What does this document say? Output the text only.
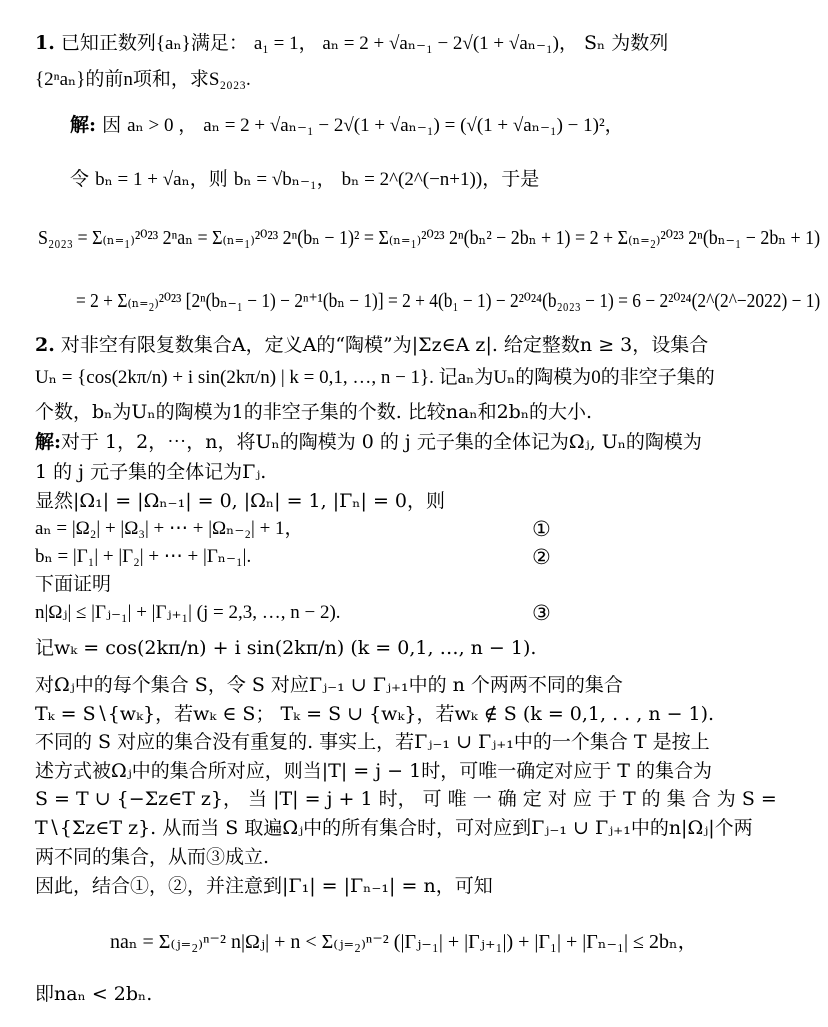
1. 已知正数列{aₙ}满足： a₁ = 1， aₙ = 2 + √aₙ₋₁ − 2√(1 + √aₙ₋₁)， Sₙ 为数列
{2ⁿaₙ}的前n项和，求S₂₀₂₃.
解: 因 aₙ > 0 ， aₙ = 2 + √aₙ₋₁ − 2√(1 + √aₙ₋₁) = (√(1 + √aₙ₋₁) − 1)²，
令 bₙ = 1 + √aₙ，则 bₙ = √bₙ₋₁， bₙ = 2^(2^(−n+1))，于是
S₂₀₂₃ = Σ₍ₙ₌₁₎²⁰²³ 2ⁿaₙ = Σ₍ₙ₌₁₎²⁰²³ 2ⁿ(bₙ − 1)² = Σ₍ₙ₌₁₎²⁰²³ 2ⁿ(bₙ² − 2bₙ + 1) = 2 + Σ₍ₙ₌₂₎²⁰²³ 2ⁿ(bₙ₋₁ − 2bₙ + 1)
= 2 + Σ₍ₙ₌₂₎²⁰²³ [2ⁿ(bₙ₋₁ − 1) − 2ⁿ⁺¹(bₙ − 1)] = 2 + 4(b₁ − 1) − 2²⁰²⁴(b₂₀₂₃ − 1) = 6 − 2²⁰²⁴(2^(2^−2022) − 1)
2. 对非空有限复数集合A，定义A的“陶模”为|Σz∈A z|. 给定整数n ≥ 3，设集合
Uₙ = {cos(2kπ/n) + i sin(2kπ/n) | k = 0,1, …, n − 1}. 记aₙ为Uₙ的陶模为0的非空子集的
个数，bₙ为Uₙ的陶模为1的非空子集的个数. 比较naₙ和2bₙ的大小.
解:对于 1，2，⋯，n，将Uₙ的陶模为 0 的 j 元子集的全体记为Ωⱼ, Uₙ的陶模为
1 的 j 元子集的全体记为Γⱼ.
显然|Ω₁| = |Ωₙ₋₁| = 0, |Ωₙ| = 1, |Γₙ| = 0，则
aₙ = |Ω₂| + |Ω₃| + ⋯ + |Ωₙ₋₂| + 1，	①
bₙ = |Γ₁| + |Γ₂| + ⋯ + |Γₙ₋₁|.	②
下面证明
n|Ωⱼ| ≤ |Γⱼ₋₁| + |Γⱼ₊₁| (j = 2,3, …, n − 2).	③
记wₖ = cos(2kπ/n) + i sin(2kπ/n) (k = 0,1, …, n − 1).
对Ωⱼ中的每个集合 S，令 S 对应Γⱼ₋₁ ∪ Γⱼ₊₁中的 n 个两两不同的集合
Tₖ = S∖{wₖ}，若wₖ ∈ S； Tₖ = S ∪ {wₖ}，若wₖ ∉ S (k = 0,1, . . , n − 1).
不同的 S 对应的集合没有重复的. 事实上，若Γⱼ₋₁ ∪ Γⱼ₊₁中的一个集合 T 是按上
述方式被Ωⱼ中的集合所对应，则当|T| = j − 1时，可唯一确定对应于 T 的集合为
S = T ∪ {−Σz∈T z}， 当 |T| = j + 1 时， 可 唯 一 确 定 对 应 于 T 的 集 合 为 S =
T∖{Σz∈T z}. 从而当 S 取遍Ωⱼ中的所有集合时，可对应到Γⱼ₋₁ ∪ Γⱼ₊₁中的n|Ωⱼ|个两
两不同的集合，从而③成立.
因此，结合①，②，并注意到|Γ₁| = |Γₙ₋₁| = n，可知
naₙ = Σ₍ⱼ₌₂₎ⁿ⁻² n|Ωⱼ| + n < Σ₍ⱼ₌₂₎ⁿ⁻² (|Γⱼ₋₁| + |Γⱼ₊₁|) + |Γ₁| + |Γₙ₋₁| ≤ 2bₙ，
即naₙ < 2bₙ.
